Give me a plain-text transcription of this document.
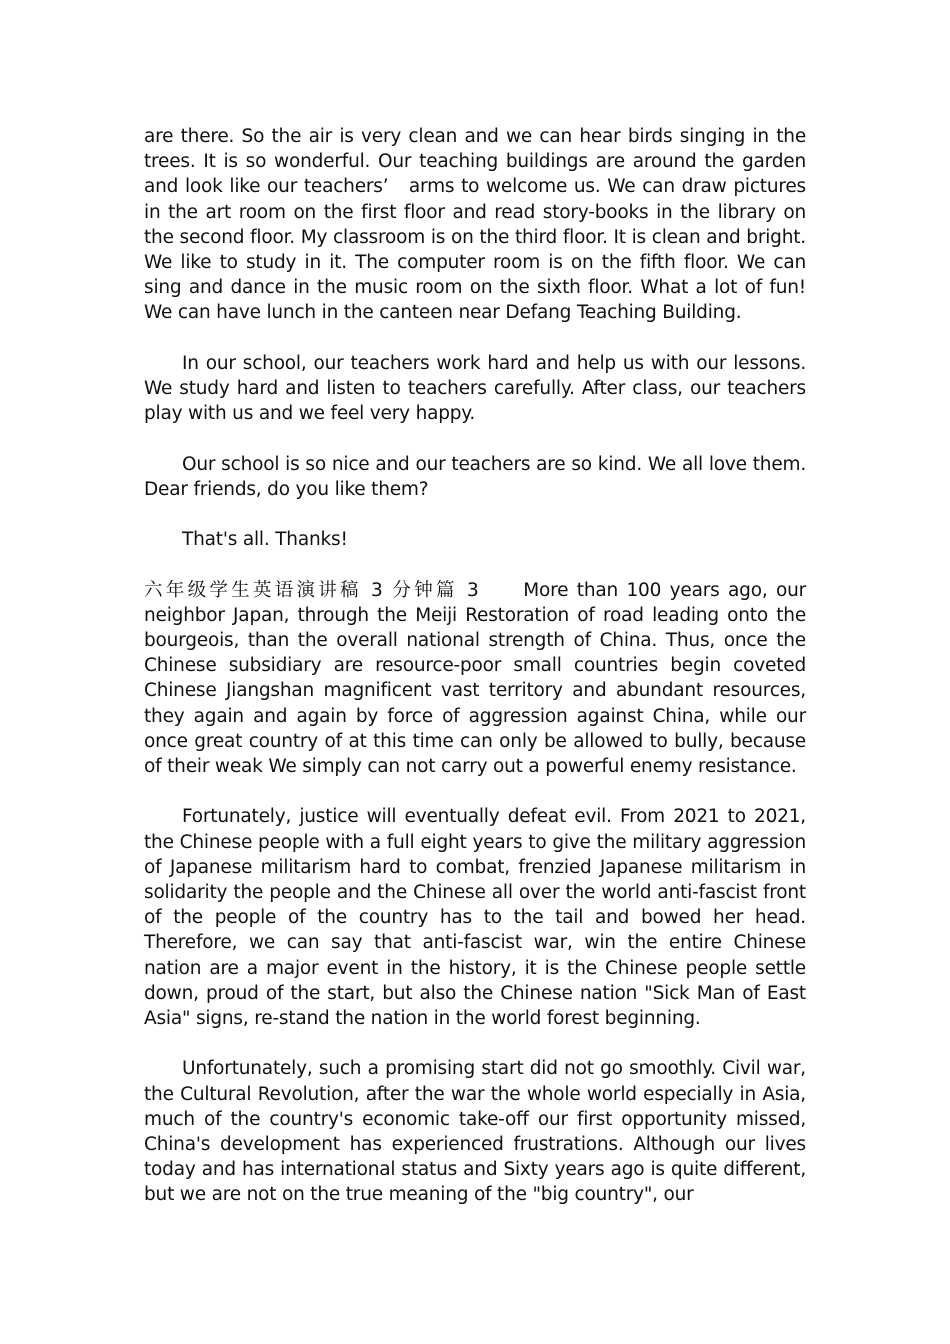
are there. So the air is very clean and we can hear birds singing in the trees. It is so wonderful. Our teaching buildings are around the garden and look like our teachers’　arms to welcome us. We can draw pictures in the art room on the first floor and read story-books in the library on the second floor. My classroom is on the third floor. It is clean and bright. We like to study in it. The computer room is on the fifth floor. We can sing and dance in the music room on the sixth floor. What a lot of fun! We can have lunch in the canteen near Defang Teaching Building.

In our school, our teachers work hard and help us with our lessons. We study hard and listen to teachers carefully. After class, our teachers play with us and we feel very happy.

Our school is so nice and our teachers are so kind. We all love them. Dear friends, do you like them?

That's all. Thanks!

六年级学生英语演讲稿 3 分钟篇 3 More than 100 years ago, our neighbor Japan, through the Meiji Restoration of road leading onto the bourgeois, than the overall national strength of China. Thus, once the Chinese subsidiary are resource-poor small countries begin coveted Chinese Jiangshan magnificent vast territory and abundant resources, they again and again by force of aggression against China, while our once great country of at this time can only be allowed to bully, because of their weak We simply can not carry out a powerful enemy resistance.

Fortunately, justice will eventually defeat evil. From 2021 to 2021, the Chinese people with a full eight years to give the military aggression of Japanese militarism hard to combat, frenzied Japanese militarism in solidarity the people and the Chinese all over the world anti-fascist front of the people of the country has to the tail and bowed her head. Therefore, we can say that anti-fascist war, win the entire Chinese nation are a major event in the history, it is the Chinese people settle down, proud of the start, but also the Chinese nation "Sick Man of East Asia" signs, re-stand the nation in the world forest beginning.

Unfortunately, such a promising start did not go smoothly. Civil war, the Cultural Revolution, after the war the whole world especially in Asia, much of the country's economic take-off our first opportunity missed, China's development has experienced frustrations. Although our lives today and has international status and Sixty years ago is quite different, but we are not on the true meaning of the "big country", our
